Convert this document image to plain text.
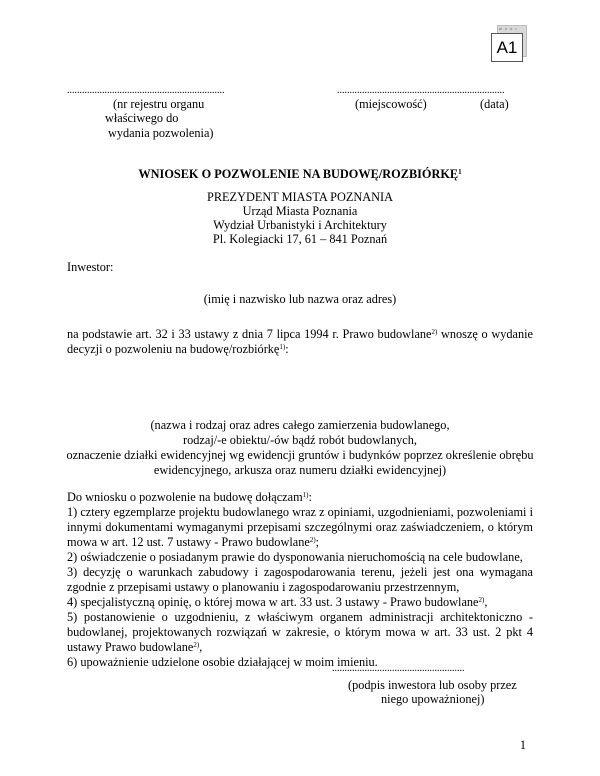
w z ó r
A1
...............................................................
(nr rejestru organu
właściwego do
wydania pozwolenia)
...................................................................
(miejscowość)	(data)
WNIOSEK O POZWOLENIE NA BUDOWĘ/ROZBIÓRKĘ$^1$
PREZYDENT MIASTA POZNANIA
Urząd Miasta Poznania
Wydział Urbanistyki i Architektury
Pl. Kolegiacki 17, 61 – 841 Poznań
Inwestor:
(imię i nazwisko lub nazwa oraz adres)
na podstawie art. 32 i 33 ustawy z dnia 7 lipca 1994 r. Prawo budowlane$^{2)}$ wnoszę o wydanie decyzji o pozwoleniu na budowę/rozbiórkę$^{1)}$:
(nazwa i rodzaj oraz adres całego zamierzenia budowlanego,
rodzaj/-e obiektu/-ów bądź robót budowlanych,
oznaczenie działki ewidencyjnej wg ewidencji gruntów i budynków poprzez określenie obrębu
ewidencyjnego, arkusza oraz numeru działki ewidencyjnej)

Do wniosku o pozwolenie na budowę dołączam$^{1)}$:

1) cztery egzemplarze projektu budowlanego wraz z opiniami, uzgodnieniami, pozwoleniami i innymi dokumentami wymaganymi przepisami szczególnymi oraz zaświadczeniem, o którym mowa w art. 12 ust. 7 ustawy - Prawo budowlane$^{2)}$;

2) oświadczenie o posiadanym prawie do dysponowania nieruchomością na cele budowlane,

3) decyzję o warunkach zabudowy i zagospodarowania terenu, jeżeli jest ona wymagana zgodnie z przepisami ustawy o planowaniu i zagospodarowaniu przestrzennym,

4) specjalistyczną opinię, o której mowa w art. 33 ust. 3 ustawy - Prawo budowlane$^{2)}$,

5) postanowienie o uzgodnieniu, z właściwym organem administracji architektoniczno - budowlanej, projektowanych rozwiązań w zakresie, o którym mowa w art. 33 ust. 2 pkt 4 ustawy Prawo budowlane$^{2)}$,

6) upoważnienie udzielone osobie działającej w moim imieniu.

.....................................................
(podpis inwestora lub osoby przez
niego upoważnionej)
1
